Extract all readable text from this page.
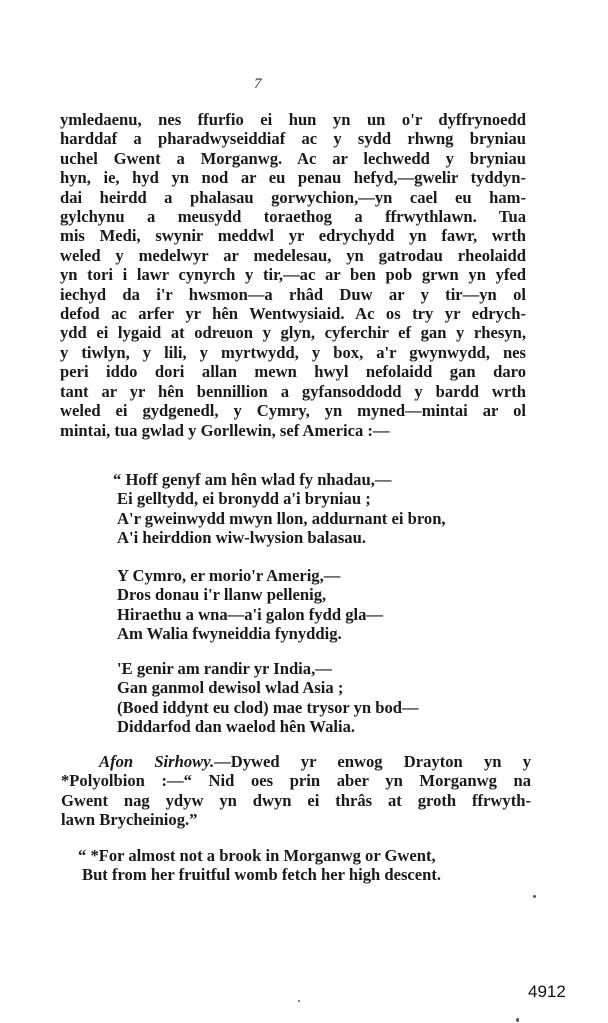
7
ymledaenu, nes ffurfio ei hun yn un o'r dyffrynoedd
harddaf a pharadwyseiddiaf ac y sydd rhwng bryniau
uchel Gwent a Morganwg. Ac ar lechwedd y bryniau
hyn, ie, hyd yn nod ar eu penau hefyd,—gwelir tyddyn-
dai heirdd a phalasau gorwychion,—yn cael eu ham-
gylchynu a meusydd toraethog a ffrwythlawn. Tua
mis Medi, swynir meddwl yr edrychydd yn fawr, wrth
weled y medelwyr ar medelesau, yn gatrodau rheolaidd
yn tori i lawr cynyrch y tir,—ac ar ben pob grwn yn yfed
iechyd da i'r hwsmon—a rhâd Duw ar y tir—yn ol
defod ac arfer yr hên Wentwysiaid. Ac os try yr edrych-
ydd ei lygaid at odreuon y glyn, cyferchir ef gan y rhesyn,
y tiwlyn, y lili, y myrtwydd, y box, a'r gwynwydd, nes
peri iddo dori allan mewn hwyl nefolaidd gan daro
tant ar yr hên bennillion a gyfansoddodd y bardd wrth
weled ei gydgenedl, y Cymry, yn myned—mintai ar ol
mintai, tua gwlad y Gorllewin, sef America :—
“ Hoff genyf am hên wlad fy nhadau,—
Ei gelltydd, ei bronydd a'i bryniau ;
A'r gweinwydd mwyn llon, addurnant ei bron,
A'i heirddion wiw-lwysion balasau.
Y Cymro, er morio'r Amerig,—
Dros donau i'r llanw pellenig,
Hiraethu a wna—a'i galon fydd gla—
Am Walia fwyneiddia fynyddig.
'E genir am randir yr India,—
Gan ganmol dewisol wlad Asia ;
(Boed iddynt eu clod) mae trysor yn bod—
Diddarfod dan waelod hên Walia.
Afon Sirhowy.—Dywed yr enwog Drayton yn y
*Polyolbion :—“ Nid oes prin aber yn Morganwg na
Gwent nag ydyw yn dwyn ei thrâs at groth ffrwyth-
lawn Brycheiniog.”
“ *For almost not a brook in Morganwg or Gwent,
But from her fruitful womb fetch her high descent.
4912
